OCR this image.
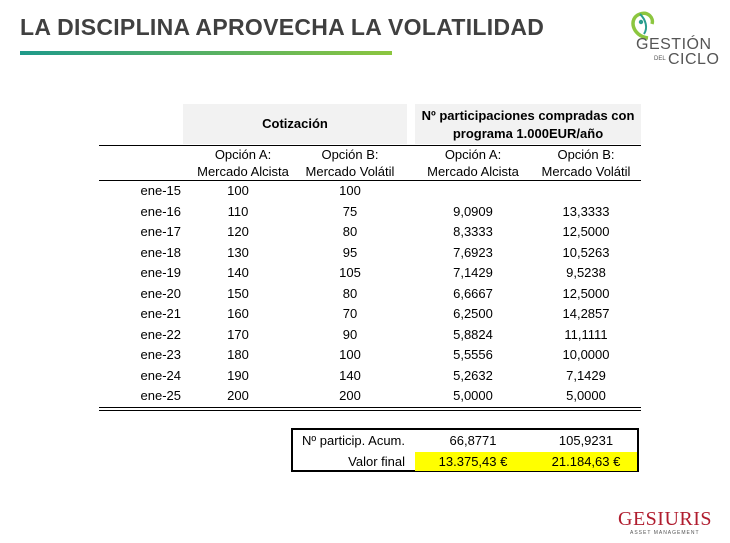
LA DISCIPLINA APROVECHA LA VOLATILIDAD
GESTIÓN
DEL CICLO
Cotización
Nº participaciones compradas con
programa 1.000EUR/año
Opción A:
Mercado Alcista
Opción B:
Mercado Volátil
Opción A:
Mercado Alcista
Opción B:
Mercado Volátil
ene-15	100	100
ene-16	110	75	9,0909	13,3333
ene-17	120	80	8,3333	12,5000
ene-18	130	95	7,6923	10,5263
ene-19	140	105	7,1429	9,5238
ene-20	150	80	6,6667	12,5000
ene-21	160	70	6,2500	14,2857
ene-22	170	90	5,8824	11,1111
ene-23	180	100	5,5556	10,0000
ene-24	190	140	5,2632	7,1429
ene-25	200	200	5,0000	5,0000
Nº particip. Acum.	66,8771	105,9231
Valor final	13.375,43 €	21.184,63 €
GESIURIS
ASSET MANAGEMENT
